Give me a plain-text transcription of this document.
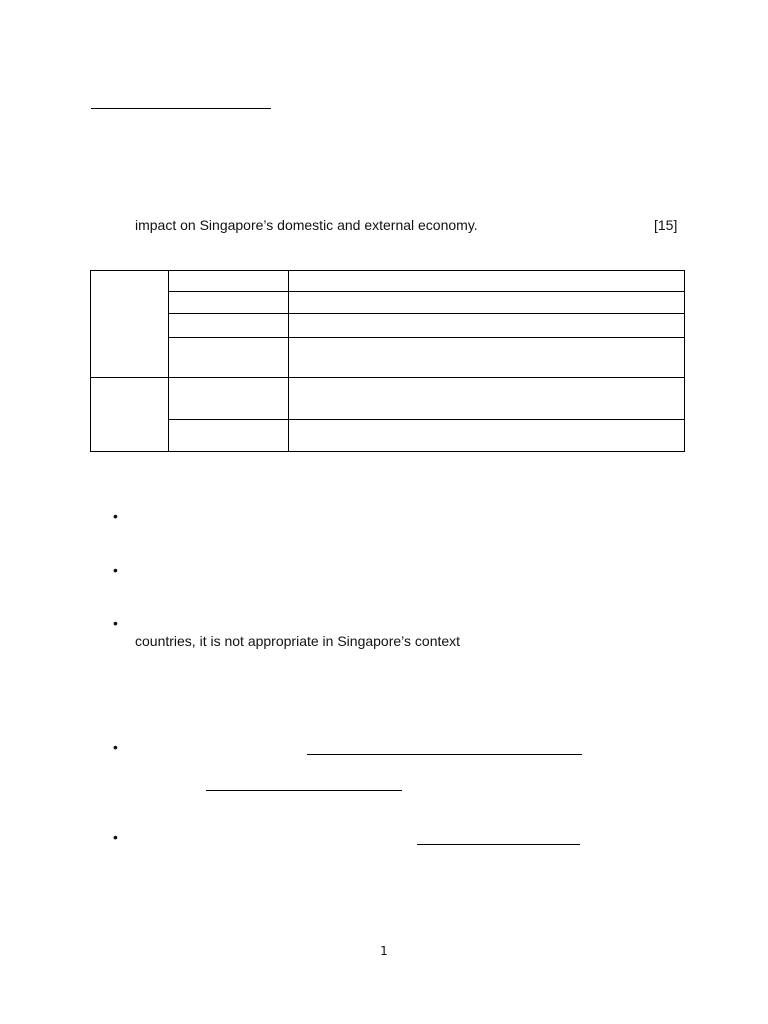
impact on Singapore’s domestic and external economy.	[15]

•
•
•
countries, it is not appropriate in Singapore’s context
•
•
1
